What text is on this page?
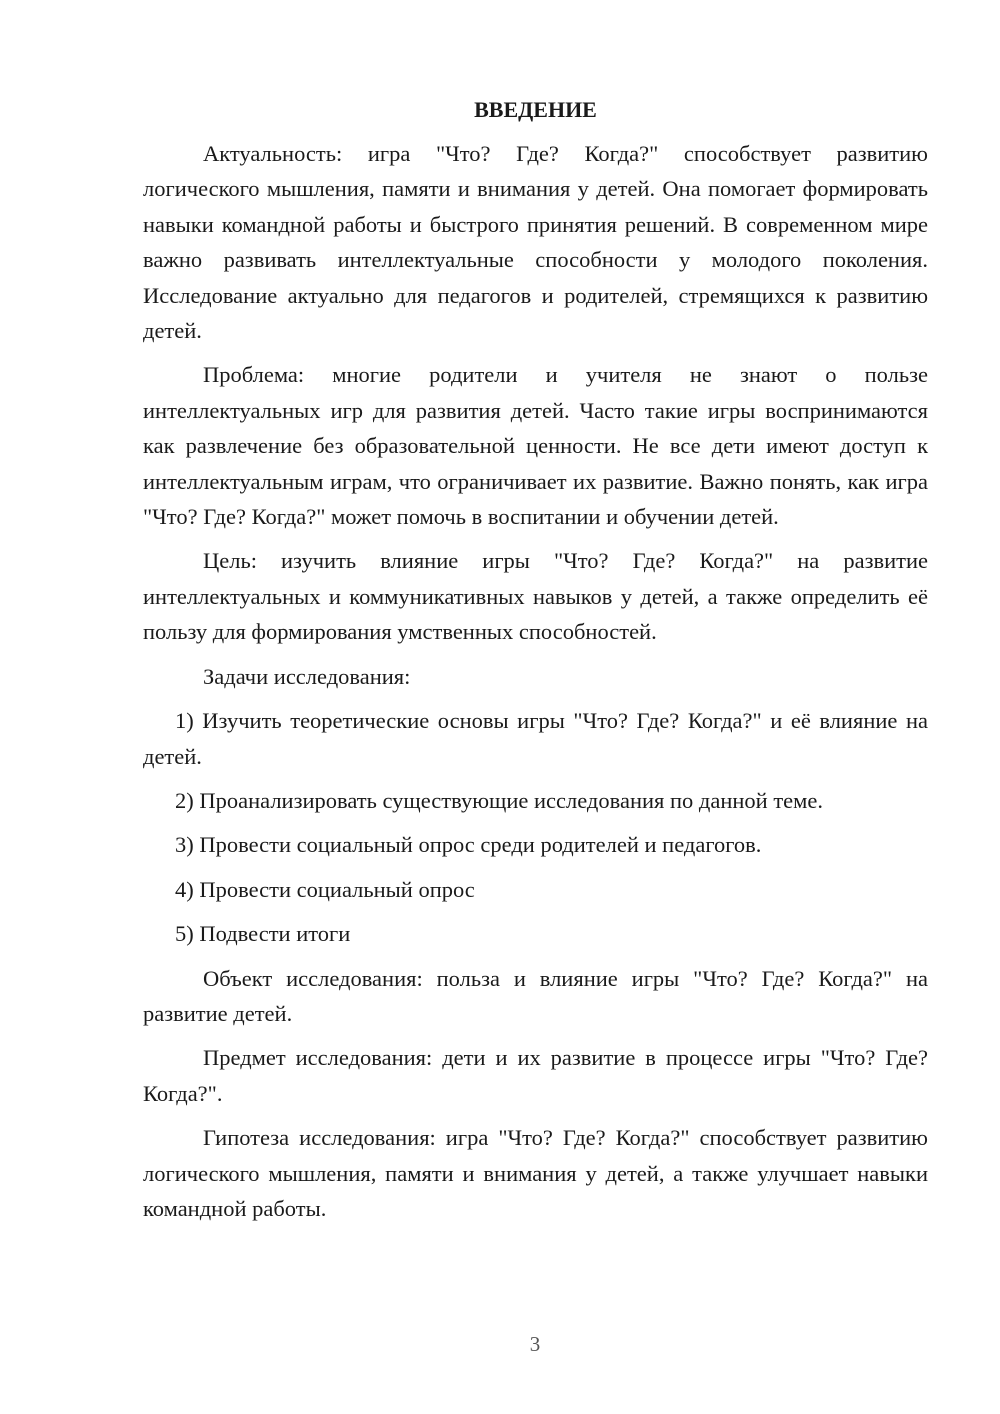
ВВЕДЕНИЕ

Актуальность: игра "Что? Где? Когда?" способствует развитию логического мышления, памяти и внимания у детей. Она помогает формировать навыки командной работы и быстрого принятия решений. В современном мире важно развивать интеллектуальные способности у молодого поколения. Исследование актуально для педагогов и родителей, стремящихся к развитию детей.

Проблема: многие родители и учителя не знают о пользе интеллектуальных игр для развития детей. Часто такие игры воспринимаются как развлечение без образовательной ценности. Не все дети имеют доступ к интеллектуальным играм, что ограничивает их развитие. Важно понять, как игра "Что? Где? Когда?" может помочь в воспитании и обучении детей.

Цель: изучить влияние игры "Что? Где? Когда?" на развитие интеллектуальных и коммуникативных навыков у детей, а также определить её пользу для формирования умственных способностей.

Задачи исследования:

1) Изучить теоретические основы игры "Что? Где? Когда?" и её влияние на детей.

2) Проанализировать существующие исследования по данной теме.

3) Провести социальный опрос среди родителей и педагогов.

4) Провести социальный опрос

5) Подвести итоги

Объект исследования: польза и влияние игры "Что? Где? Когда?" на развитие детей.

Предмет исследования: дети и их развитие в процессе игры "Что? Где? Когда?".

Гипотеза исследования: игра "Что? Где? Когда?" способствует развитию логического мышления, памяти и внимания у детей, а также улучшает навыки командной работы.

3
